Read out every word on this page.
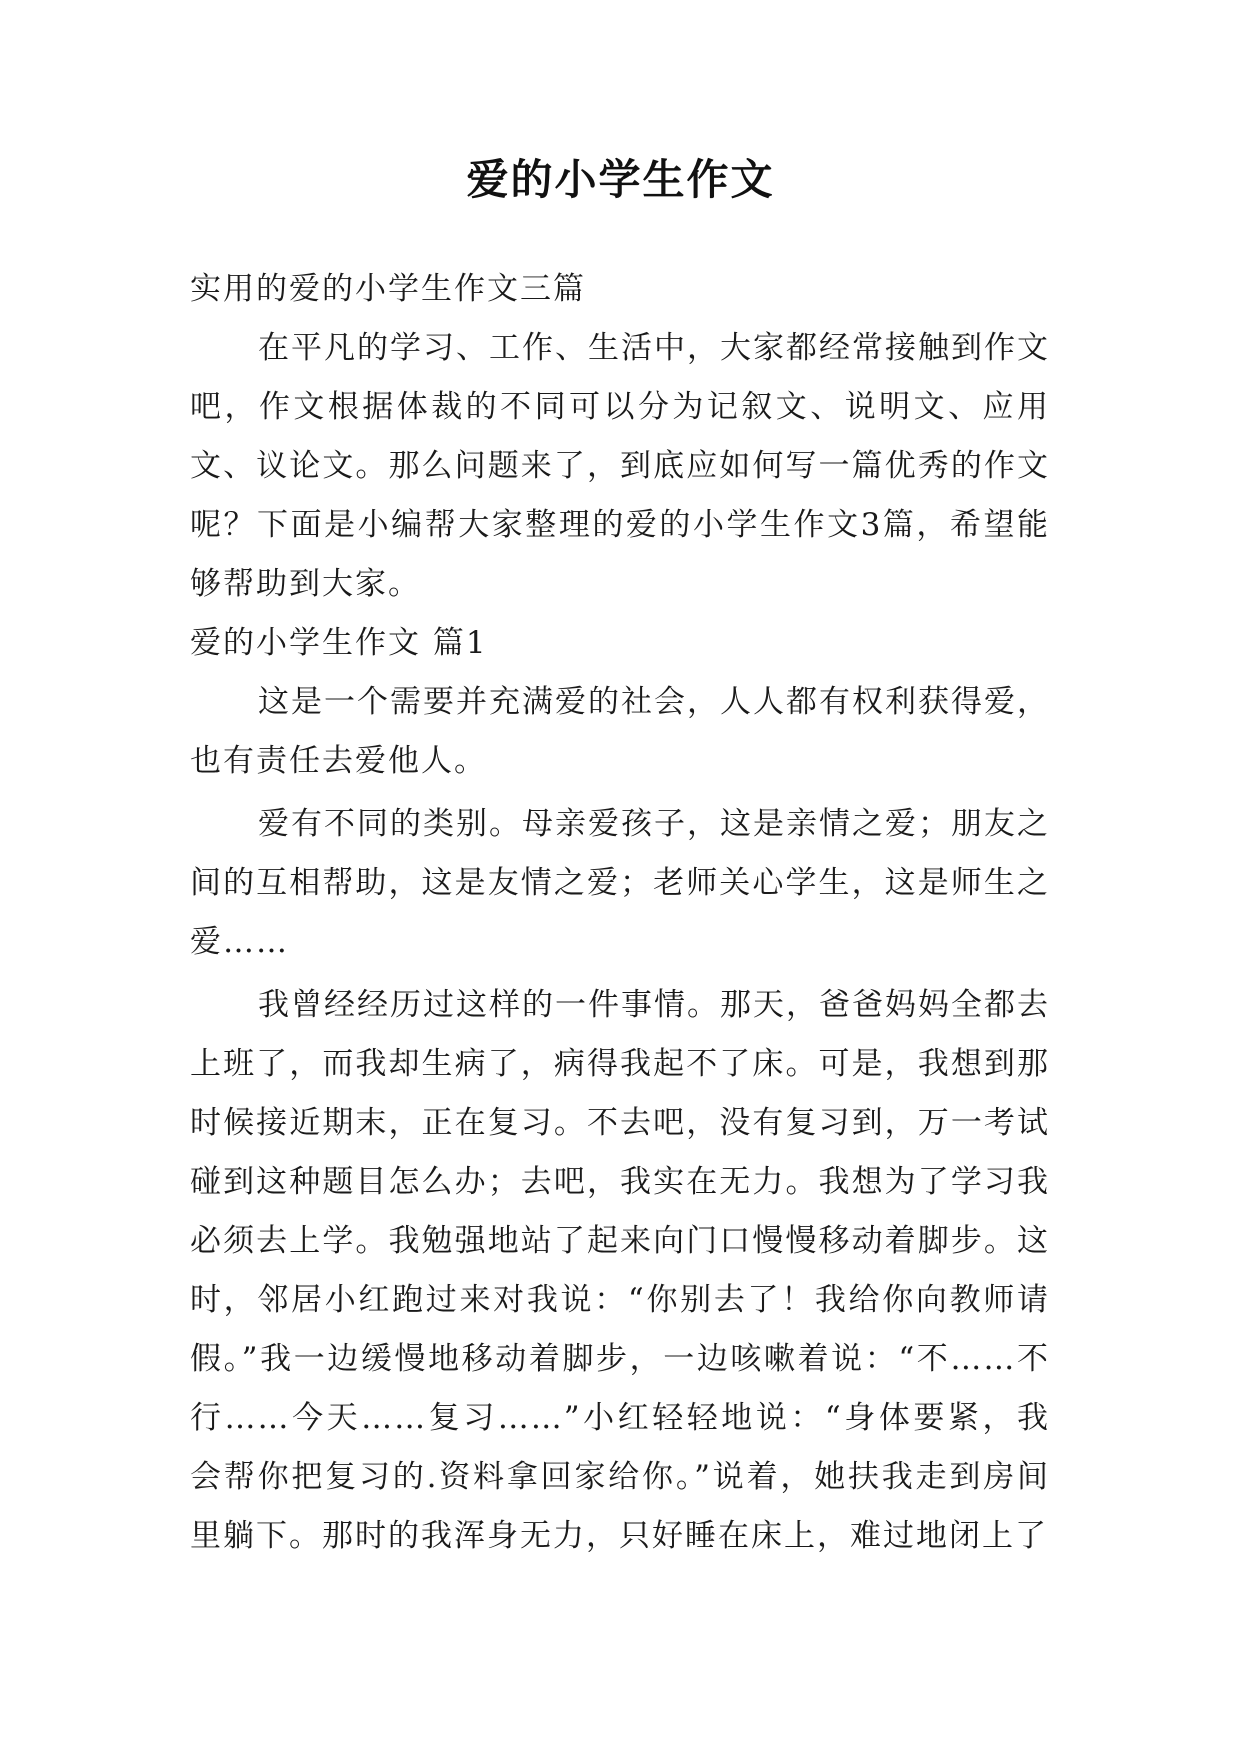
爱的小学生作文

实用的爱的小学生作文三篇

在平凡的学习、工作、生活中，大家都经常接触到作文吧，作文根据体裁的不同可以分为记叙文、说明文、应用文、议论文。那么问题来了，到底应如何写一篇优秀的作文呢？下面是小编帮大家整理的爱的小学生作文3篇，希望能够帮助到大家。

爱的小学生作文 篇1

这是一个需要并充满爱的社会，人人都有权利获得爱，也有责任去爱他人。

爱有不同的类别。母亲爱孩子，这是亲情之爱；朋友之间的互相帮助，这是友情之爱；老师关心学生，这是师生之爱……

我曾经经历过这样的一件事情。那天，爸爸妈妈全都去上班了，而我却生病了，病得我起不了床。可是，我想到那时候接近期末，正在复习。不去吧，没有复习到，万一考试碰到这种题目怎么办；去吧，我实在无力。我想为了学习我必须去上学。我勉强地站了起来向门口慢慢移动着脚步。这时，邻居小红跑过来对我说：“你别去了！我给你向教师请假。”我一边缓慢地移动着脚步，一边咳嗽着说：“不……不行……今天……复习……”小红轻轻地说：“身体要紧，我会帮你把复习的.资料拿回家给你。”说着，她扶我走到房间里躺下。那时的我浑身无力，只好睡在床上，难过地闭上了
